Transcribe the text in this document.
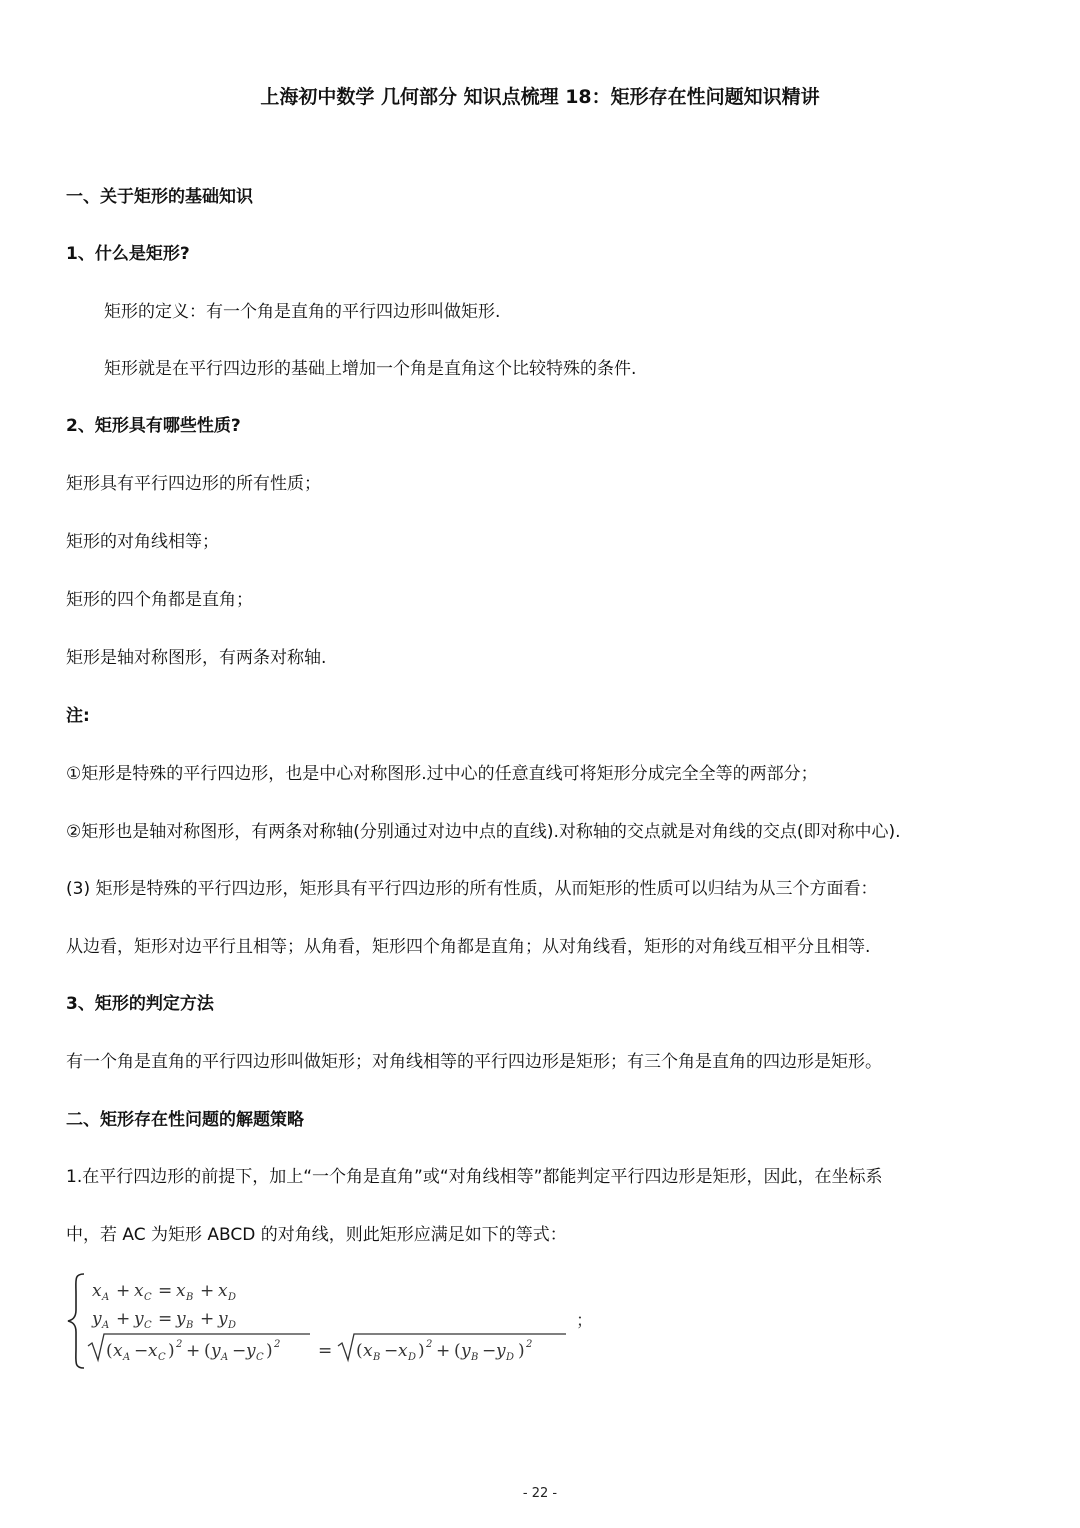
上海初中数学 几何部分 知识点梳理 18：矩形存在性问题知识精讲
一、关于矩形的基础知识
1、什么是矩形?
矩形的定义：有一个角是直角的平行四边形叫做矩形.
矩形就是在平行四边形的基础上增加一个角是直角这个比较特殊的条件.
2、矩形具有哪些性质?
矩形具有平行四边形的所有性质；
矩形的对角线相等；
矩形的四个角都是直角；
矩形是轴对称图形，有两条对称轴.
注:
①矩形是特殊的平行四边形，也是中心对称图形.过中心的任意直线可将矩形分成完全全等的两部分；
②矩形也是轴对称图形，有两条对称轴(分别通过对边中点的直线).对称轴的交点就是对角线的交点(即对称中心).
(3) 矩形是特殊的平行四边形，矩形具有平行四边形的所有性质，从而矩形的性质可以归结为从三个方面看：
从边看，矩形对边平行且相等；从角看，矩形四个角都是直角；从对角线看，矩形的对角线互相平分且相等.
3、矩形的判定方法
有一个角是直角的平行四边形叫做矩形；对角线相等的平行四边形是矩形；有三个角是直角的四边形是矩形。
二、矩形存在性问题的解题策略
1.在平行四边形的前提下，加上“一个角是直角”或“对角线相等”都能判定平行四边形是矩形，因此，在坐标系
中，若 AC 为矩形 ABCD 的对角线，则此矩形应满足如下的等式：
x A + x C = x B + x D
y A + y C = y B + y D
( x A − x C ) 2 + ( y A − y C ) 2 = ( x B − x D ) 2 + ( y B − y D ) 2
；
- 22 -
